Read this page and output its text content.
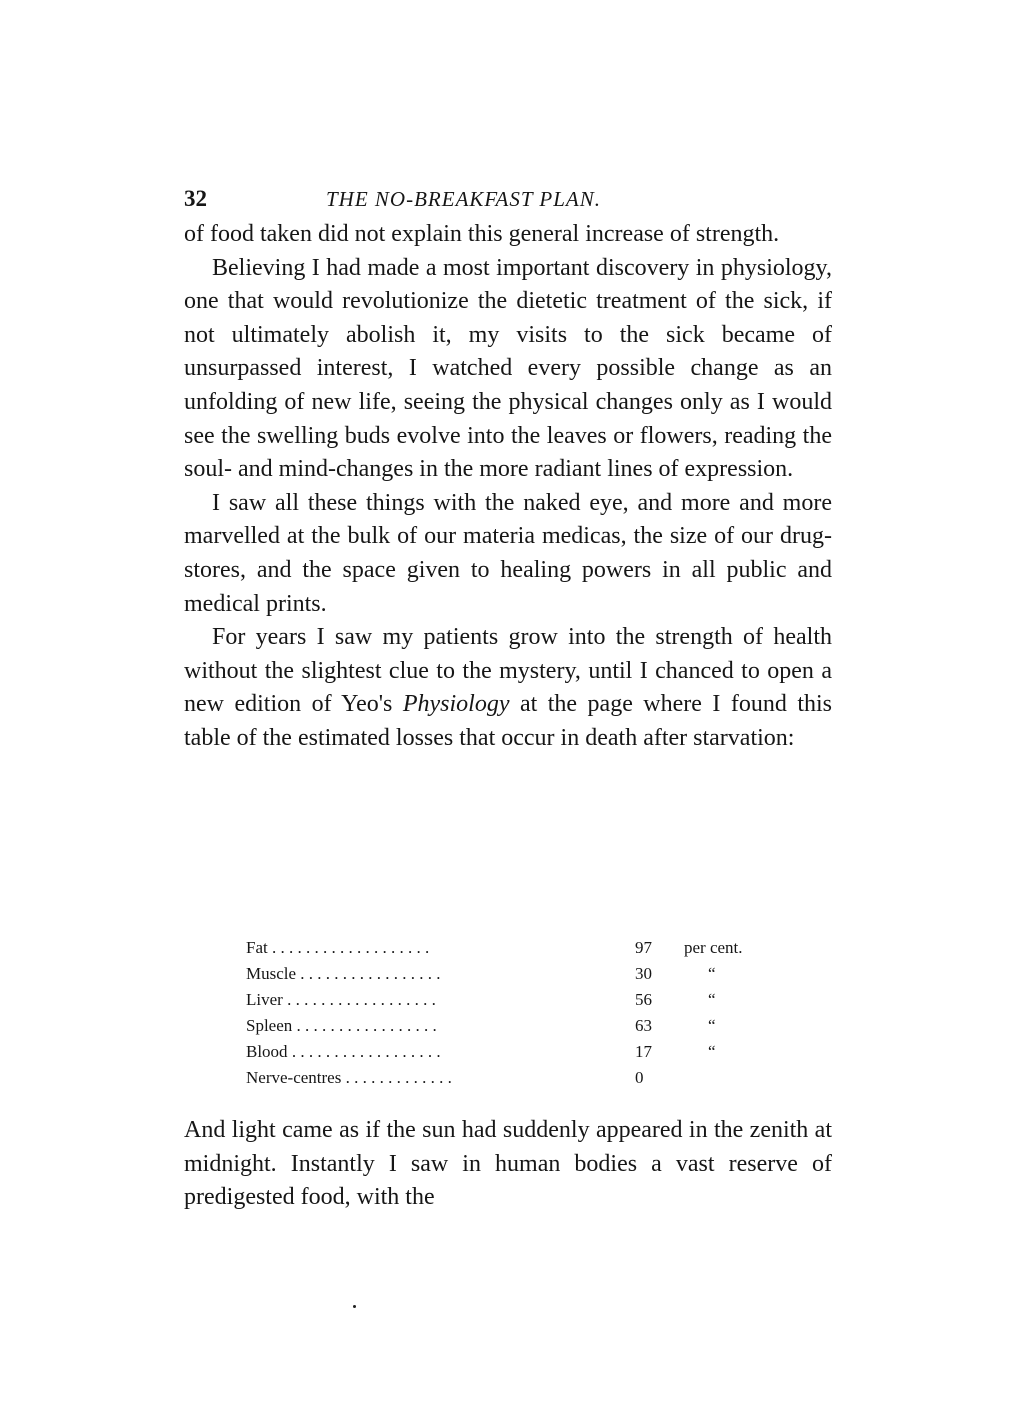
32	THE NO-BREAKFAST PLAN.

of food taken did not explain this general increase of strength.

Believing I had made a most important discovery in physiology, one that would revolutionize the dietetic treatment of the sick, if not ultimately abolish it, my visits to the sick became of unsurpassed interest, I watched every possible change as an unfolding of new life, seeing the physical changes only as I would see the swelling buds evolve into the leaves or flowers, reading the soul- and mind-changes in the more radiant lines of expression.

I saw all these things with the naked eye, and more and more marvelled at the bulk of our materia medicas, the size of our drug-stores, and the space given to healing powers in all public and medical prints.

For years I saw my patients grow into the strength of health without the slightest clue to the mystery, until I chanced to open a new edition of Yeo's Physiology at the page where I found this table of the estimated losses that occur in death after starvation:

Fat . . . . . . . . . . . . . . . . . . .	97	per cent.
Muscle . . . . . . . . . . . . . . . . .	30	“
Liver . . . . . . . . . . . . . . . . . .	56	“
Spleen . . . . . . . . . . . . . . . . .	63	“
Blood . . . . . . . . . . . . . . . . . .	17	“
Nerve-centres . . . . . . . . . . . . .	0

And light came as if the sun had suddenly appeared in the zenith at midnight. Instantly I saw in human bodies a vast reserve of predigested food, with the
